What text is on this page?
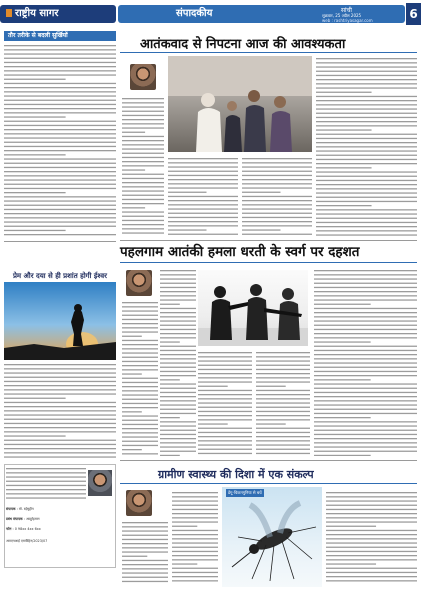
राष्ट्रीय सागर	संपादकीय	सांची
शुक्रवार, 25 अप्रैल 2025
web : rashtriyasagar.com	6
तौर तरीके से बदली सुर्खियों
प्रेम और दया से ही प्रशांत होगी ईश्वर
संपादक : मो. रईसुद्दीन
प्रबंध संपादक : अब्दुर्रहमान
फोन : 0 98xx 4xx 6xx
आरएनआई एमपीहिन/2023/07
आतंकवाद से निपटना आज की आवश्यकता
पहलगाम आतंकी हमला धरती के स्वर्ग पर दहशत
ग्रामीण स्वास्थ्य की दिशा में एक संकल्प
डेंगू-चिकनगुनिया से बचें
